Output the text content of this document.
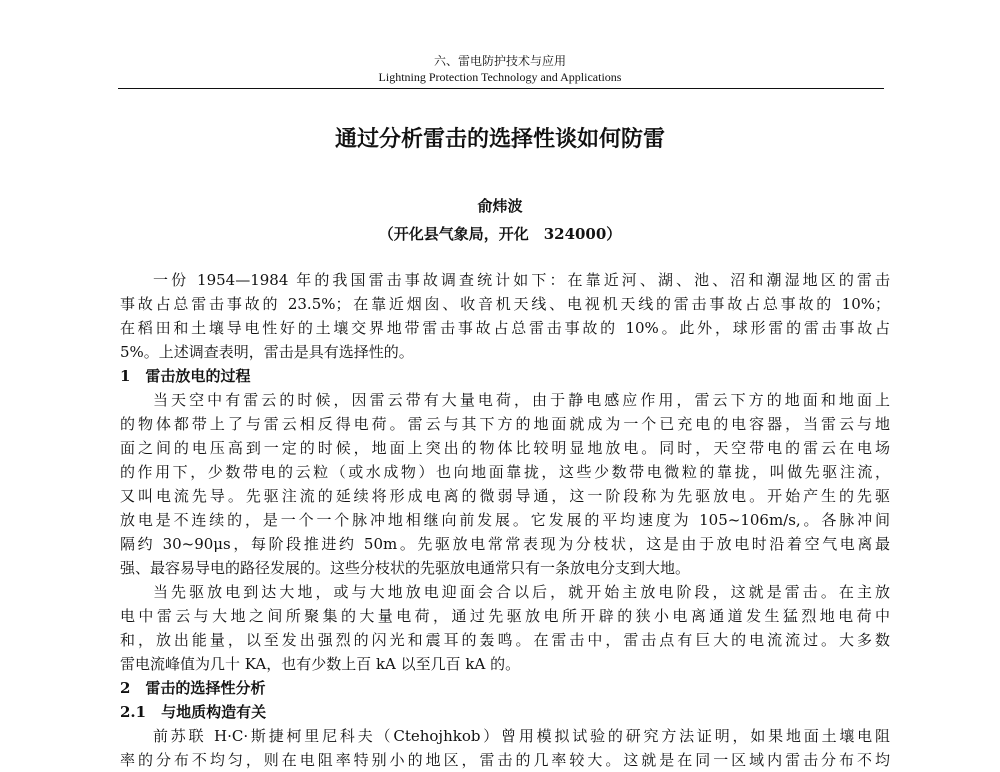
六、雷电防护技术与应用
Lightning Protection Technology and Applications
通过分析雷击的选择性谈如何防雷
俞炜波
（开化县气象局，开化　324000）
一份 1954—1984 年的我国雷击事故调查统计如下：在靠近河、湖、池、沼和潮湿地区的雷击
事故占总雷击事故的 23.5%；在靠近烟囱、收音机天线、电视机天线的雷击事故占总事故的 10%；
在稻田和土壤导电性好的土壤交界地带雷击事故占总雷击事故的 10%。此外，球形雷的雷击事故占
5%。上述调查表明，雷击是具有选择性的。
1　雷击放电的过程
当天空中有雷云的时候，因雷云带有大量电荷，由于静电感应作用，雷云下方的地面和地面上
的物体都带上了与雷云相反得电荷。雷云与其下方的地面就成为一个已充电的电容器，当雷云与地
面之间的电压高到一定的时候，地面上突出的物体比较明显地放电。同时，天空带电的雷云在电场
的作用下，少数带电的云粒（或水成物）也向地面靠拢，这些少数带电微粒的靠拢，叫做先驱注流，
又叫电流先导。先驱注流的延续将形成电离的微弱导通，这一阶段称为先驱放电。开始产生的先驱
放电是不连续的，是一个一个脉冲地相继向前发展。它发展的平均速度为 105~106m/s,。各脉冲间
隔约 30~90μs，每阶段推进约 50m。先驱放电常常表现为分枝状，这是由于放电时沿着空气电离最
强、最容易导电的路径发展的。这些分枝状的先驱放电通常只有一条放电分支到大地。
当先驱放电到达大地，或与大地放电迎面会合以后，就开始主放电阶段，这就是雷击。在主放
电中雷云与大地之间所聚集的大量电荷，通过先驱放电所开辟的狭小电离通道发生猛烈地电荷中
和，放出能量，以至发出强烈的闪光和震耳的轰鸣。在雷击中，雷击点有巨大的电流流过。大多数
雷电流峰值为几十 KA，也有少数上百 kA 以至几百 kA 的。
2　雷击的选择性分析
2.1　与地质构造有关
前苏联 H·C·斯捷柯里尼科夫（Ctehojhkob）曾用模拟试验的研究方法证明，如果地面土壤电阻
率的分布不均匀，则在电阻率特别小的地区，雷击的几率较大。这就是在同一区域内雷击分布不均
